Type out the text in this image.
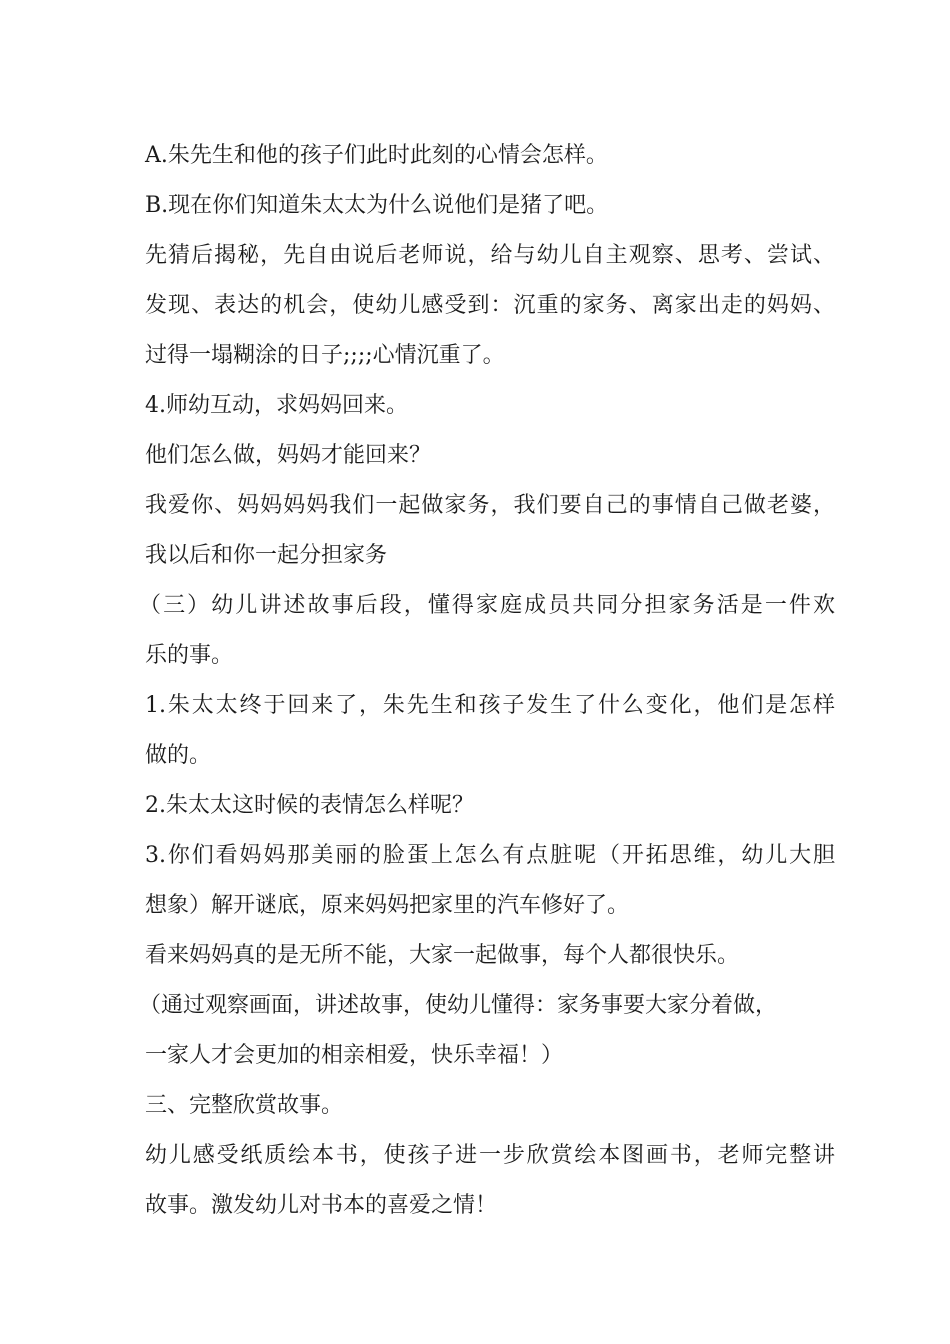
A.朱先生和他的孩子们此时此刻的心情会怎样。
B.现在你们知道朱太太为什么说他们是猪了吧。
先猜后揭秘，先自由说后老师说，给与幼儿自主观察、思考、尝试、
发现、表达的机会，使幼儿感受到：沉重的家务、离家出走的妈妈、
过得一塌糊涂的日子;;;;心情沉重了。
4.师幼互动，求妈妈回来。
他们怎么做，妈妈才能回来？
我爱你、妈妈妈妈我们一起做家务，我们要自己的事情自己做老婆，
我以后和你一起分担家务
（三）幼儿讲述故事后段，懂得家庭成员共同分担家务活是一件欢
乐的事。
1.朱太太终于回来了，朱先生和孩子发生了什么变化，他们是怎样
做的。
2.朱太太这时候的表情怎么样呢？
3.你们看妈妈那美丽的脸蛋上怎么有点脏呢（开拓思维，幼儿大胆
想象）解开谜底，原来妈妈把家里的汽车修好了。
看来妈妈真的是无所不能，大家一起做事，每个人都很快乐。
（通过观察画面，讲述故事，使幼儿懂得：家务事要大家分着做，
一家人才会更加的相亲相爱，快乐幸福！）
三、完整欣赏故事。
幼儿感受纸质绘本书，使孩子进一步欣赏绘本图画书，老师完整讲
故事。激发幼儿对书本的喜爱之情！
